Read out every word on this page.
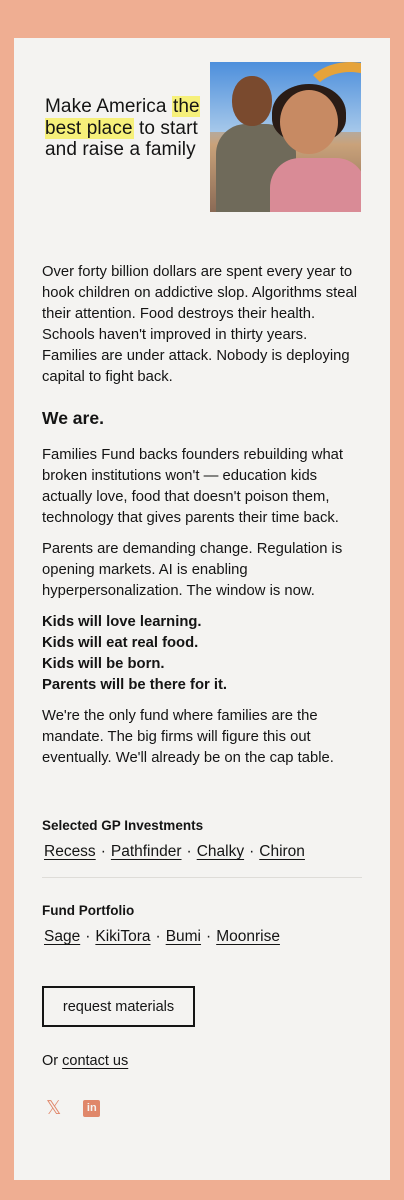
Make America the best place to start and raise a family

Over forty billion dollars are spent every year to hook children on addictive slop. Algorithms steal their attention. Food destroys their health. Schools haven't improved in thirty years. Families are under attack. Nobody is deploying capital to fight back.

We are.

Families Fund backs founders rebuilding what broken institutions won't — education kids actually love, food that doesn't poison them, technology that gives parents their time back.

Parents are demanding change. Regulation is opening markets. AI is enabling hyperpersonalization. The window is now.

Kids will love learning.
Kids will eat real food.
Kids will be born.
Parents will be there for it.

We're the only fund where families are the mandate. The big firms will figure this out eventually. We'll already be on the cap table.

Selected GP Investments
Recess · Pathfinder · Chalky · Chiron
Fund Portfolio
Sage · KikiTora · Bumi · Moonrise
request materials
Or contact us
𝕏	in
